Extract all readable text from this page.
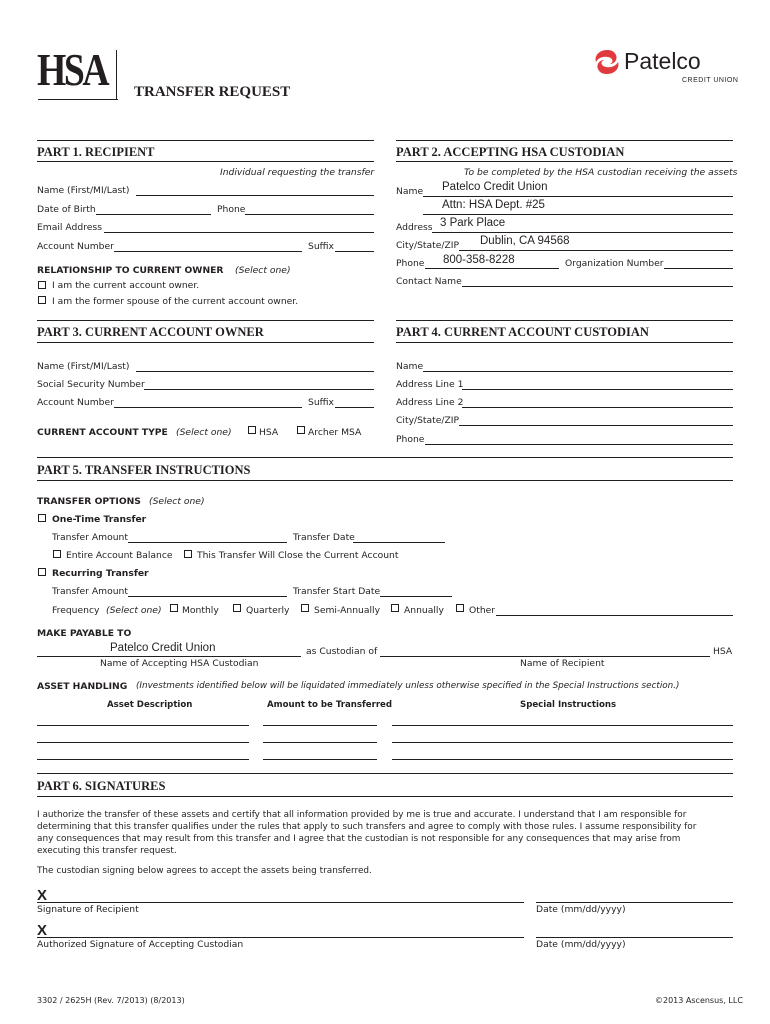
HSA TRANSFER REQUEST
Patelco
CREDIT UNION
PART 1. RECIPIENT
Individual requesting the transfer
Name (First/MI/Last)
Date of Birth	Phone
Email Address
Account Number	Suffix
RELATIONSHIP TO CURRENT OWNER (Select one)
I am the current account owner.
I am the former spouse of the current account owner.
PART 2. ACCEPTING HSA CUSTODIAN
To be completed by the HSA custodian receiving the assets
Name Patelco Credit Union
Attn: HSA Dept. #25
Address 3 Park Place
City/State/ZIP Dublin, CA 94568
Phone 800-358-8228	Organization Number
Contact Name
PART 3. CURRENT ACCOUNT OWNER
Name (First/MI/Last)
Social Security Number
Account Number	Suffix
CURRENT ACCOUNT TYPE (Select one)	HSA	Archer MSA
PART 4. CURRENT ACCOUNT CUSTODIAN
Name
Address Line 1
Address Line 2
City/State/ZIP
Phone
PART 5. TRANSFER INSTRUCTIONS
TRANSFER OPTIONS (Select one)
One-Time Transfer
Transfer Amount	Transfer Date
Entire Account Balance	This Transfer Will Close the Current Account
Recurring Transfer
Transfer Amount	Transfer Start Date
Frequency (Select one) Monthly	Quarterly	Semi-Annually	Annually	Other
MAKE PAYABLE TO
Patelco Credit Union	as Custodian of	HSA
Name of Accepting HSA Custodian	Name of Recipient
ASSET HANDLING (Investments identified below will be liquidated immediately unless otherwise specified in the Special Instructions section.)
Asset Description	Amount to be Transferred	Special Instructions
PART 6. SIGNATURES
I authorize the transfer of these assets and certify that all information provided by me is true and accurate. I understand that I am responsible for
determining that this transfer qualifies under the rules that apply to such transfers and agree to comply with those rules. I assume responsibility for
any consequences that may result from this transfer and I agree that the custodian is not responsible for any consequences that may arise from
executing this transfer request.
The custodian signing below agrees to accept the assets being transferred.
X
Signature of Recipient	Date (mm/dd/yyyy)
X
Authorized Signature of Accepting Custodian	Date (mm/dd/yyyy)
3302 / 2625H (Rev. 7/2013) (8/2013)	©2013 Ascensus, LLC
